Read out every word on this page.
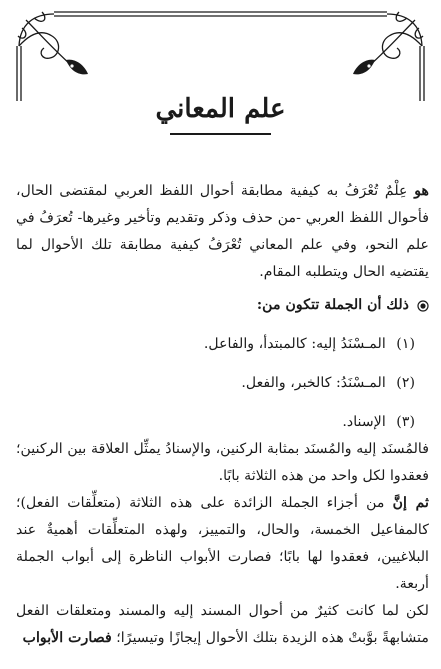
علم المعاني

هو عِلْمٌ تُعْرَفُ به كيفية مطابقة أحوال اللفظ العربي لمقتضى الحال، فأحوال اللفظ العربي -من حذف وذكر وتقديم وتأخير وغيرها- تُعرَفُ في علم النحو، وفي علم المعاني تُعْرَفُ كيفية مطابقة تلك الأحوال لما يقتضيه الحال ويتطلبه المقام.

ذلك أن الجملة تتكون من:
(١) المـسْنَدُ إليه: كالمبتدأ، والفاعل.
(٢) المـسْنَدُ: كالخبر، والفعل.
(٣) الإسناد.

فالمُسنَد إليه والمُسنَد بمثابة الركنين، والإسنادُ يمثِّل العلاقة بين الركنين؛ فعقدوا لكل واحد من هذه الثلاثة بابًا.

ثم إنَّ من أجزاء الجملة الزائدة على هذه الثلاثة (متعلِّقات الفعل)؛ كالمفاعيل الخمسة، والحال، والتمييز، ولهذه المتعلِّقات أهميةٌ عند البلاغيين، فعقدوا لها بابًا؛ فصارت الأبواب الناظرة إلى أبواب الجملة أربعة.

لكن لما كانت كثيرٌ من أحوال المسند إليه والمسند ومتعلقات الفعل متشابهةً بوَّبتْ هذه الزيدة بتلك الأحوال إيجازًا وتيسيرًا؛ فصارت الأبواب
